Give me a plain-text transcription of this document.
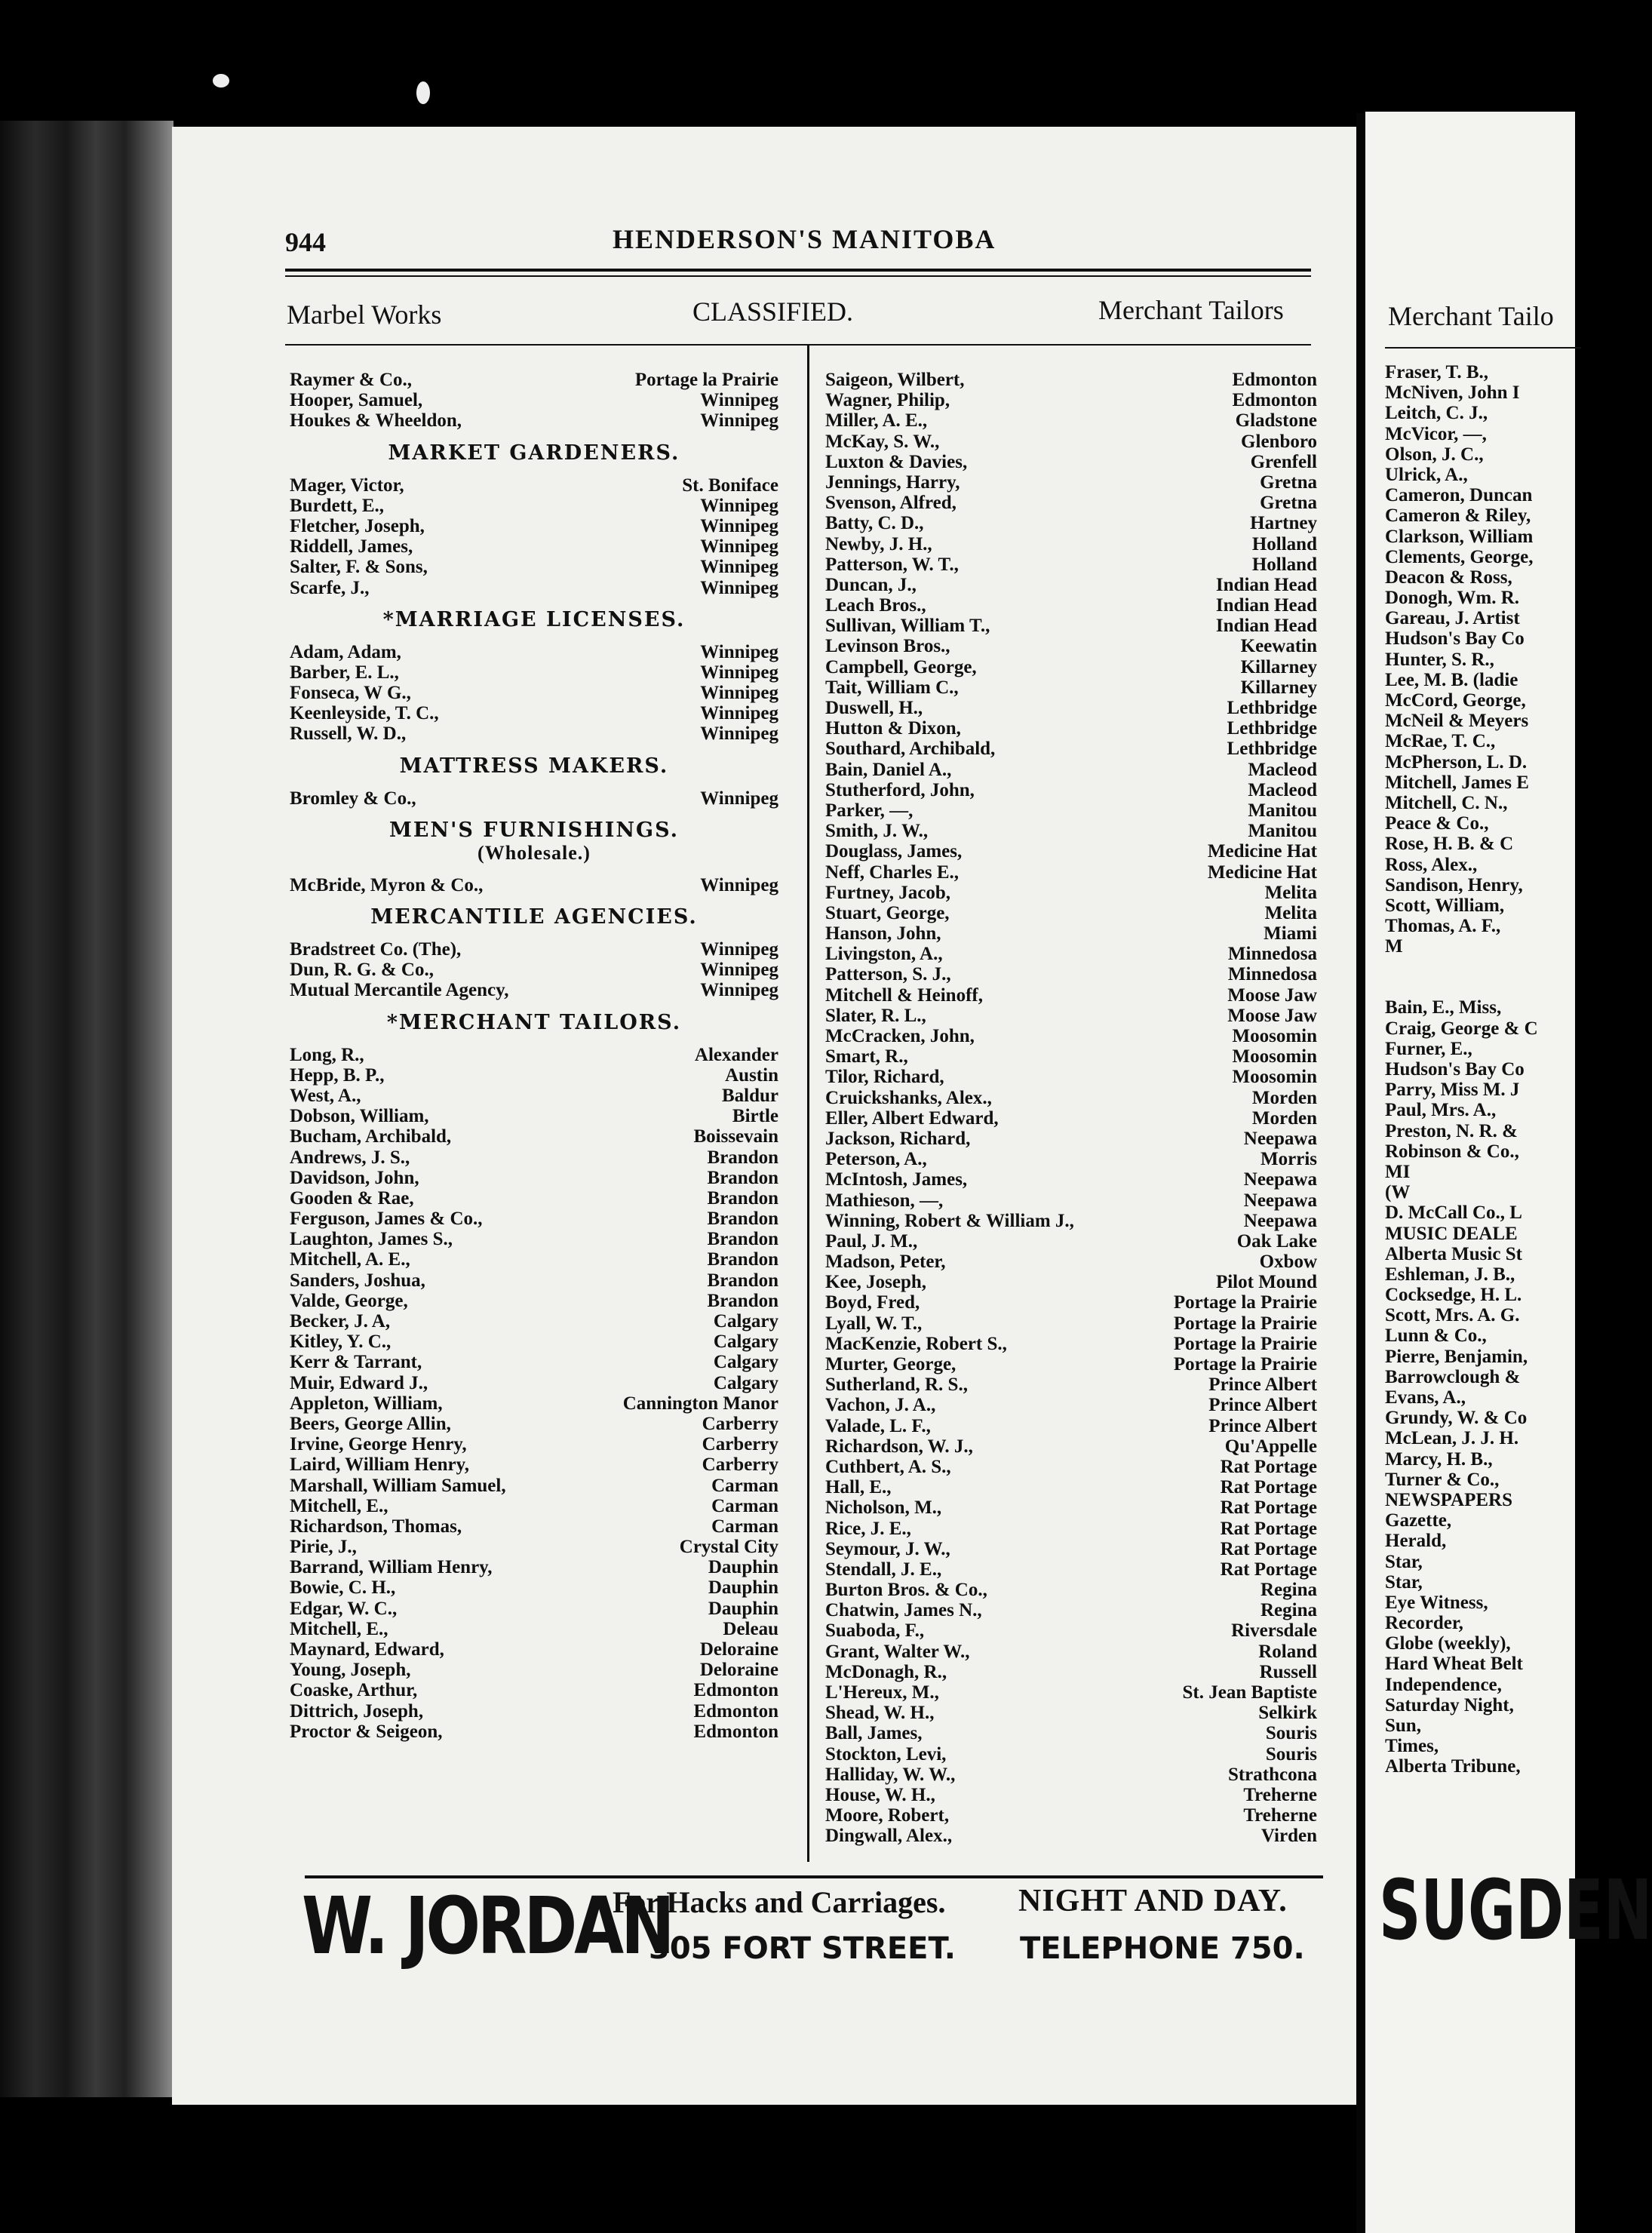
944	HENDERSON'S MANITOBA
Marbel Works	CLASSIFIED.	Merchant Tailors
Raymer & Co.,	Portage la Prairie
Hooper, Samuel,	Winnipeg
Houkes & Wheeldon,	Winnipeg
MARKET GARDENERS.
Mager, Victor,	St. Boniface
Burdett, E.,	Winnipeg
Fletcher, Joseph,	Winnipeg
Riddell, James,	Winnipeg
Salter, F. & Sons,	Winnipeg
Scarfe, J.,	Winnipeg
*MARRIAGE LICENSES.
Adam, Adam,	Winnipeg
Barber, E. L.,	Winnipeg
Fonseca, W G.,	Winnipeg
Keenleyside, T. C.,	Winnipeg
Russell, W. D.,	Winnipeg
MATTRESS MAKERS.
Bromley & Co.,	Winnipeg
MEN'S FURNISHINGS.
(Wholesale.)
McBride, Myron & Co.,	Winnipeg
MERCANTILE AGENCIES.
Bradstreet Co. (The),	Winnipeg
Dun, R. G. & Co.,	Winnipeg
Mutual Mercantile Agency,	Winnipeg
*MERCHANT TAILORS.
Long, R.,	Alexander
Hepp, B. P.,	Austin
West, A.,	Baldur
Dobson, William,	Birtle
Bucham, Archibald,	Boissevain
Andrews, J. S.,	Brandon
Davidson, John,	Brandon
Gooden & Rae,	Brandon
Ferguson, James & Co.,	Brandon
Laughton, James S.,	Brandon
Mitchell, A. E.,	Brandon
Sanders, Joshua,	Brandon
Valde, George,	Brandon
Becker, J. A,	Calgary
Kitley, Y. C.,	Calgary
Kerr & Tarrant,	Calgary
Muir, Edward J.,	Calgary
Appleton, William,	Cannington Manor
Beers, George Allin,	Carberry
Irvine, George Henry,	Carberry
Laird, William Henry,	Carberry
Marshall, William Samuel,	Carman
Mitchell, E.,	Carman
Richardson, Thomas,	Carman
Pirie, J.,	Crystal City
Barrand, William Henry,	Dauphin
Bowie, C. H.,	Dauphin
Edgar, W. C.,	Dauphin
Mitchell, E.,	Deleau
Maynard, Edward,	Deloraine
Young, Joseph,	Deloraine
Coaske, Arthur,	Edmonton
Dittrich, Joseph,	Edmonton
Proctor & Seigeon,	Edmonton
Saigeon, Wilbert,	Edmonton
Wagner, Philip,	Edmonton
Miller, A. E.,	Gladstone
McKay, S. W.,	Glenboro
Luxton & Davies,	Grenfell
Jennings, Harry,	Gretna
Svenson, Alfred,	Gretna
Batty, C. D.,	Hartney
Newby, J. H.,	Holland
Patterson, W. T.,	Holland
Duncan, J.,	Indian Head
Leach Bros.,	Indian Head
Sullivan, William T.,	Indian Head
Levinson Bros.,	Keewatin
Campbell, George,	Killarney
Tait, William C.,	Killarney
Duswell, H.,	Lethbridge
Hutton & Dixon,	Lethbridge
Southard, Archibald,	Lethbridge
Bain, Daniel A.,	Macleod
Stutherford, John,	Macleod
Parker, —,	Manitou
Smith, J. W.,	Manitou
Douglass, James,	Medicine Hat
Neff, Charles E.,	Medicine Hat
Furtney, Jacob,	Melita
Stuart, George,	Melita
Hanson, John,	Miami
Livingston, A.,	Minnedosa
Patterson, S. J.,	Minnedosa
Mitchell & Heinoff,	Moose Jaw
Slater, R. L.,	Moose Jaw
McCracken, John,	Moosomin
Smart, R.,	Moosomin
Tilor, Richard,	Moosomin
Cruickshanks, Alex.,	Morden
Eller, Albert Edward,	Morden
Jackson, Richard,	Neepawa
Peterson, A.,	Morris
McIntosh, James,	Neepawa
Mathieson, —,	Neepawa
Winning, Robert & William J.,	Neepawa
Paul, J. M.,	Oak Lake
Madson, Peter,	Oxbow
Kee, Joseph,	Pilot Mound
Boyd, Fred,	Portage la Prairie
Lyall, W. T.,	Portage la Prairie
MacKenzie, Robert S.,	Portage la Prairie
Murter, George,	Portage la Prairie
Sutherland, R. S.,	Prince Albert
Vachon, J. A.,	Prince Albert
Valade, L. F.,	Prince Albert
Richardson, W. J.,	Qu'Appelle
Cuthbert, A. S.,	Rat Portage
Hall, E.,	Rat Portage
Nicholson, M.,	Rat Portage
Rice, J. E.,	Rat Portage
Seymour, J. W.,	Rat Portage
Stendall, J. E.,	Rat Portage
Burton Bros. & Co.,	Regina
Chatwin, James N.,	Regina
Suaboda, F.,	Riversdale
Grant, Walter W.,	Roland
McDonagh, R.,	Russell
L'Hereux, M.,	St. Jean Baptiste
Shead, W. H.,	Selkirk
Ball, James,	Souris
Stockton, Levi,	Souris
Halliday, W. W.,	Strathcona
House, W. H.,	Treherne
Moore, Robert,	Treherne
Dingwall, Alex.,	Virden
W. JORDAN
For Hacks and Carriages.
305 FORT STREET.
NIGHT AND DAY.
TELEPHONE 750.
Merchant Tailo
Fraser, T. B.,
McNiven, John I
Leitch, C. J.,
McVicor, —,
Olson, J. C.,
Ulrick, A.,
Cameron, Duncan
Cameron & Riley,
Clarkson, William
Clements, George,
Deacon & Ross,
Donogh, Wm. R.
Gareau, J. Artist
Hudson's Bay Co
Hunter, S. R.,
Lee, M. B. (ladie
McCord, George,
McNeil & Meyers
McRae, T. C.,
McPherson, L. D.
Mitchell, James E
Mitchell, C. N.,
Peace & Co.,
Rose, H. B. & C
Ross, Alex.,
Sandison, Henry,
Scott, William,
Thomas, A. F.,
M
Bain, E., Miss,
Craig, George & C
Furner, E.,
Hudson's Bay Co
Parry, Miss M. J
Paul, Mrs. A.,
Preston, N. R. &
Robinson & Co.,
MI
(W
D. McCall Co., L
MUSIC DEALE
Alberta Music St
Eshleman, J. B.,
Cocksedge, H. L.
Scott, Mrs. A. G.
Lunn & Co.,
Pierre, Benjamin,
Barrowclough &
Evans, A.,
Grundy, W. & Co
McLean, J. J. H.
Marcy, H. B.,
Turner & Co.,
NEWSPAPERS
Gazette,
Herald,
Star,
Star,
Eye Witness,
Recorder,
Globe (weekly),
Hard Wheat Belt
Independence,
Saturday Night,
Sun,
Times,
Alberta Tribune,
SUGDEN
